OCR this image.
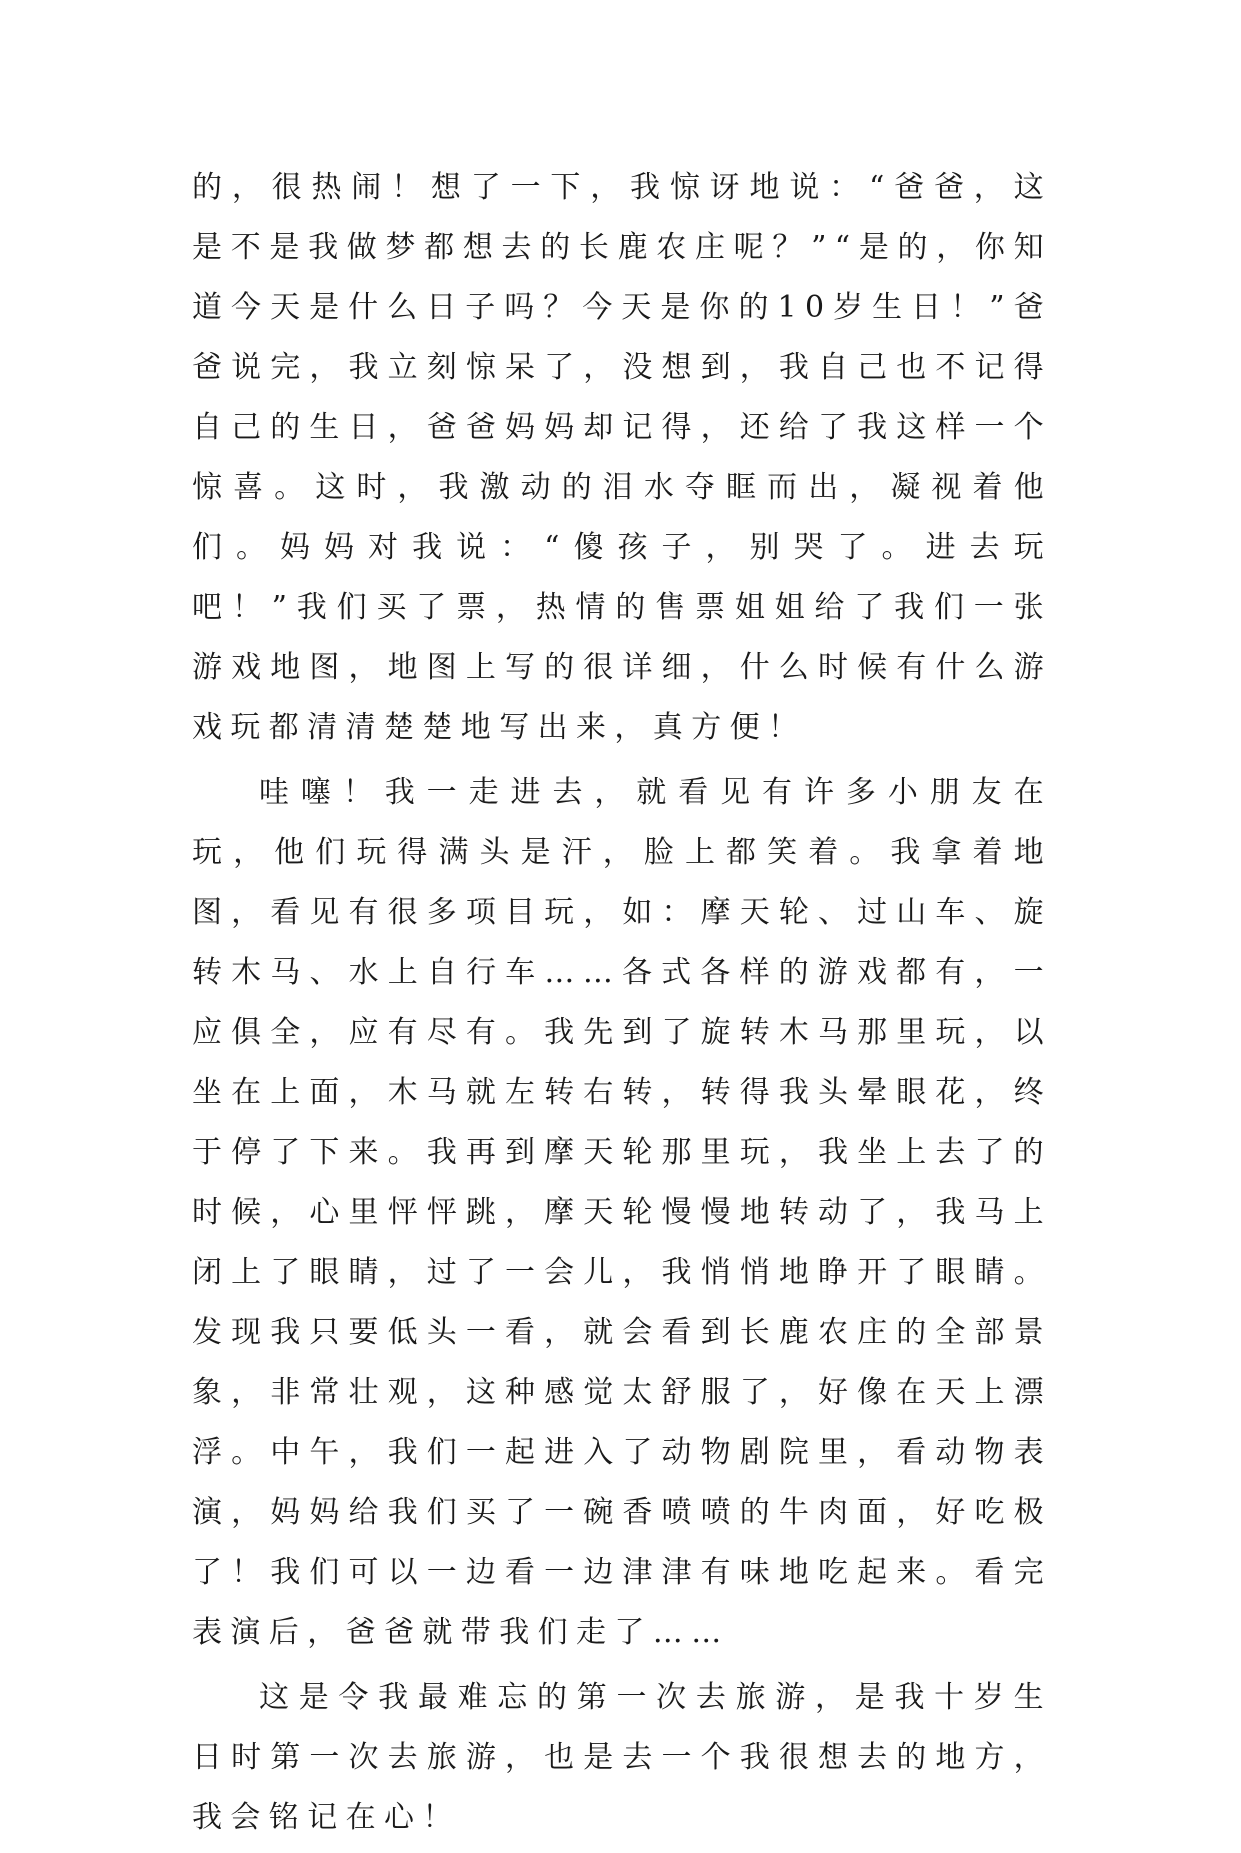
的，很热闹！想了一下，我惊讶地说：“爸爸，这是不是我做梦都想去的长鹿农庄呢？”“是的，你知道今天是什么日子吗？今天是你的10岁生日！”爸爸说完，我立刻惊呆了，没想到，我自己也不记得自己的生日，爸爸妈妈却记得，还给了我这样一个惊喜。这时，我激动的泪水夺眶而出，凝视着他们。妈妈对我说：“傻孩子，别哭了。进去玩吧！”我们买了票，热情的售票姐姐给了我们一张游戏地图，地图上写的很详细，什么时候有什么游戏玩都清清楚楚地写出来，真方便！

哇噻！我一走进去，就看见有许多小朋友在玩，他们玩得满头是汗，脸上都笑着。我拿着地图，看见有很多项目玩，如：摩天轮、过山车、旋转木马、水上自行车……各式各样的游戏都有，一应俱全，应有尽有。我先到了旋转木马那里玩，以坐在上面，木马就左转右转，转得我头晕眼花，终于停了下来。我再到摩天轮那里玩，我坐上去了的时候，心里怦怦跳，摩天轮慢慢地转动了，我马上闭上了眼睛，过了一会儿，我悄悄地睁开了眼睛。发现我只要低头一看，就会看到长鹿农庄的全部景象，非常壮观，这种感觉太舒服了，好像在天上漂浮。中午，我们一起进入了动物剧院里，看动物表演，妈妈给我们买了一碗香喷喷的牛肉面，好吃极了！我们可以一边看一边津津有味地吃起来。看完表演后，爸爸就带我们走了……

这是令我最难忘的第一次去旅游，是我十岁生日时第一次去旅游，也是去一个我很想去的地方，我会铭记在心！
